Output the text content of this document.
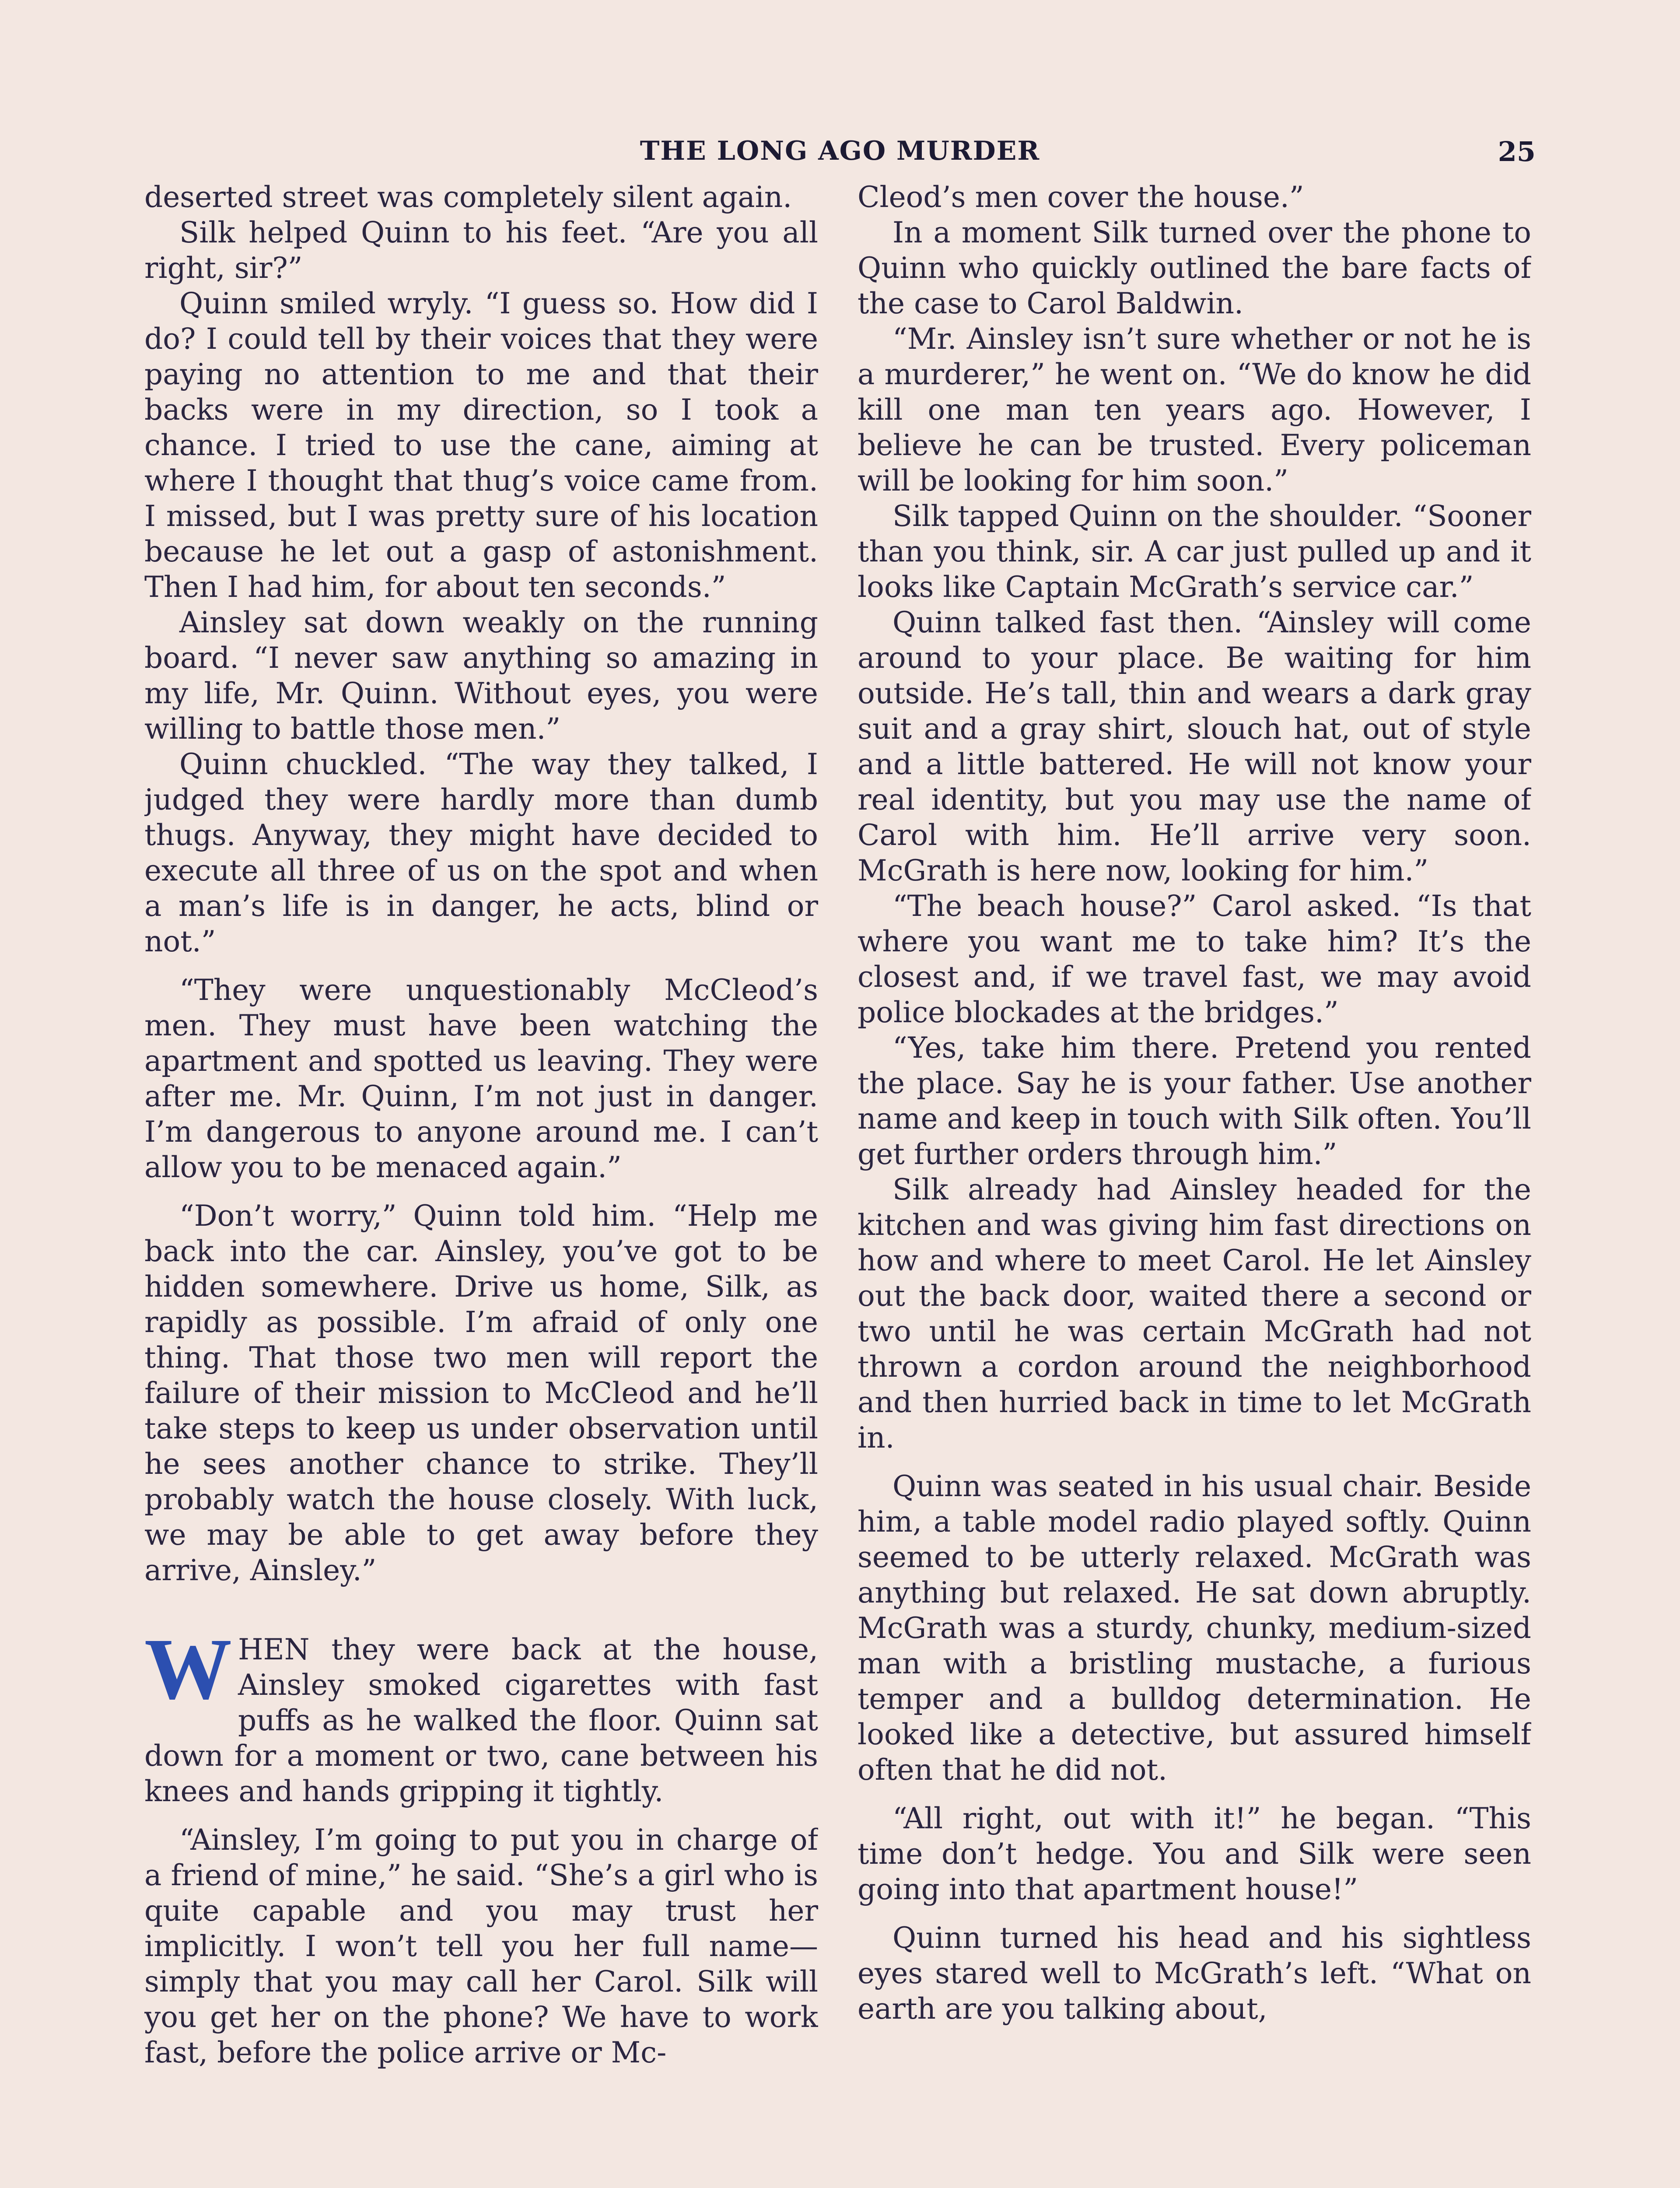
THE LONG AGO MURDER	25

deserted street was completely silent again.

Silk helped Quinn to his feet. “Are you all right, sir?”

Quinn smiled wryly. “I guess so. How did I do? I could tell by their voices that they were paying no attention to me and that their backs were in my direction, so I took a chance. I tried to use the cane, aiming at where I thought that thug’s voice came from. I missed, but I was pretty sure of his location because he let out a gasp of astonishment. Then I had him, for about ten seconds.”

Ainsley sat down weakly on the running board. “I never saw anything so amazing in my life, Mr. Quinn. Without eyes, you were willing to battle those men.”

Quinn chuckled. “The way they talked, I judged they were hardly more than dumb thugs. Anyway, they might have decided to execute all three of us on the spot and when a man’s life is in danger, he acts, blind or not.”

“They were unquestionably McCleod’s men. They must have been watching the apartment and spotted us leaving. They were after me. Mr. Quinn, I’m not just in danger. I’m dangerous to anyone around me. I can’t allow you to be menaced again.”

“Don’t worry,” Quinn told him. “Help me back into the car. Ainsley, you’ve got to be hidden somewhere. Drive us home, Silk, as rapidly as possible. I’m afraid of only one thing. That those two men will report the failure of their mission to McCleod and he’ll take steps to keep us under observation until he sees another chance to strike. They’ll probably watch the house closely. With luck, we may be able to get away before they arrive, Ainsley.”

WHEN they were back at the house, Ainsley smoked cigarettes with fast puffs as he walked the floor. Quinn sat down for a moment or two, cane between his knees and hands gripping it tightly.

“Ainsley, I’m going to put you in charge of a friend of mine,” he said. “She’s a girl who is quite capable and you may trust her implicitly. I won’t tell you her full name—simply that you may call her Carol. Silk will you get her on the phone? We have to work fast, before the police arrive or Mc-

Cleod’s men cover the house.”

In a moment Silk turned over the phone to Quinn who quickly outlined the bare facts of the case to Carol Baldwin.

“Mr. Ainsley isn’t sure whether or not he is a murderer,” he went on. “We do know he did kill one man ten years ago. However, I believe he can be trusted. Every policeman will be looking for him soon.”

Silk tapped Quinn on the shoulder. “Sooner than you think, sir. A car just pulled up and it looks like Captain McGrath’s service car.”

Quinn talked fast then. “Ainsley will come around to your place. Be waiting for him outside. He’s tall, thin and wears a dark gray suit and a gray shirt, slouch hat, out of style and a little battered. He will not know your real identity, but you may use the name of Carol with him. He’ll arrive very soon. McGrath is here now, looking for him.”

“The beach house?” Carol asked. “Is that where you want me to take him? It’s the closest and, if we travel fast, we may avoid police blockades at the bridges.”

“Yes, take him there. Pretend you rented the place. Say he is your father. Use another name and keep in touch with Silk often. You’ll get further orders through him.”

Silk already had Ainsley headed for the kitchen and was giving him fast directions on how and where to meet Carol. He let Ainsley out the back door, waited there a second or two until he was certain McGrath had not thrown a cordon around the neighborhood and then hurried back in time to let McGrath in.

Quinn was seated in his usual chair. Beside him, a table model radio played softly. Quinn seemed to be utterly relaxed. McGrath was anything but relaxed. He sat down abruptly. McGrath was a sturdy, chunky, medium-sized man with a bristling mustache, a furious temper and a bulldog determination. He looked like a detective, but assured himself often that he did not.

“All right, out with it!” he began. “This time don’t hedge. You and Silk were seen going into that apartment house!”

Quinn turned his head and his sightless eyes stared well to McGrath’s left. “What on earth are you talking about,
